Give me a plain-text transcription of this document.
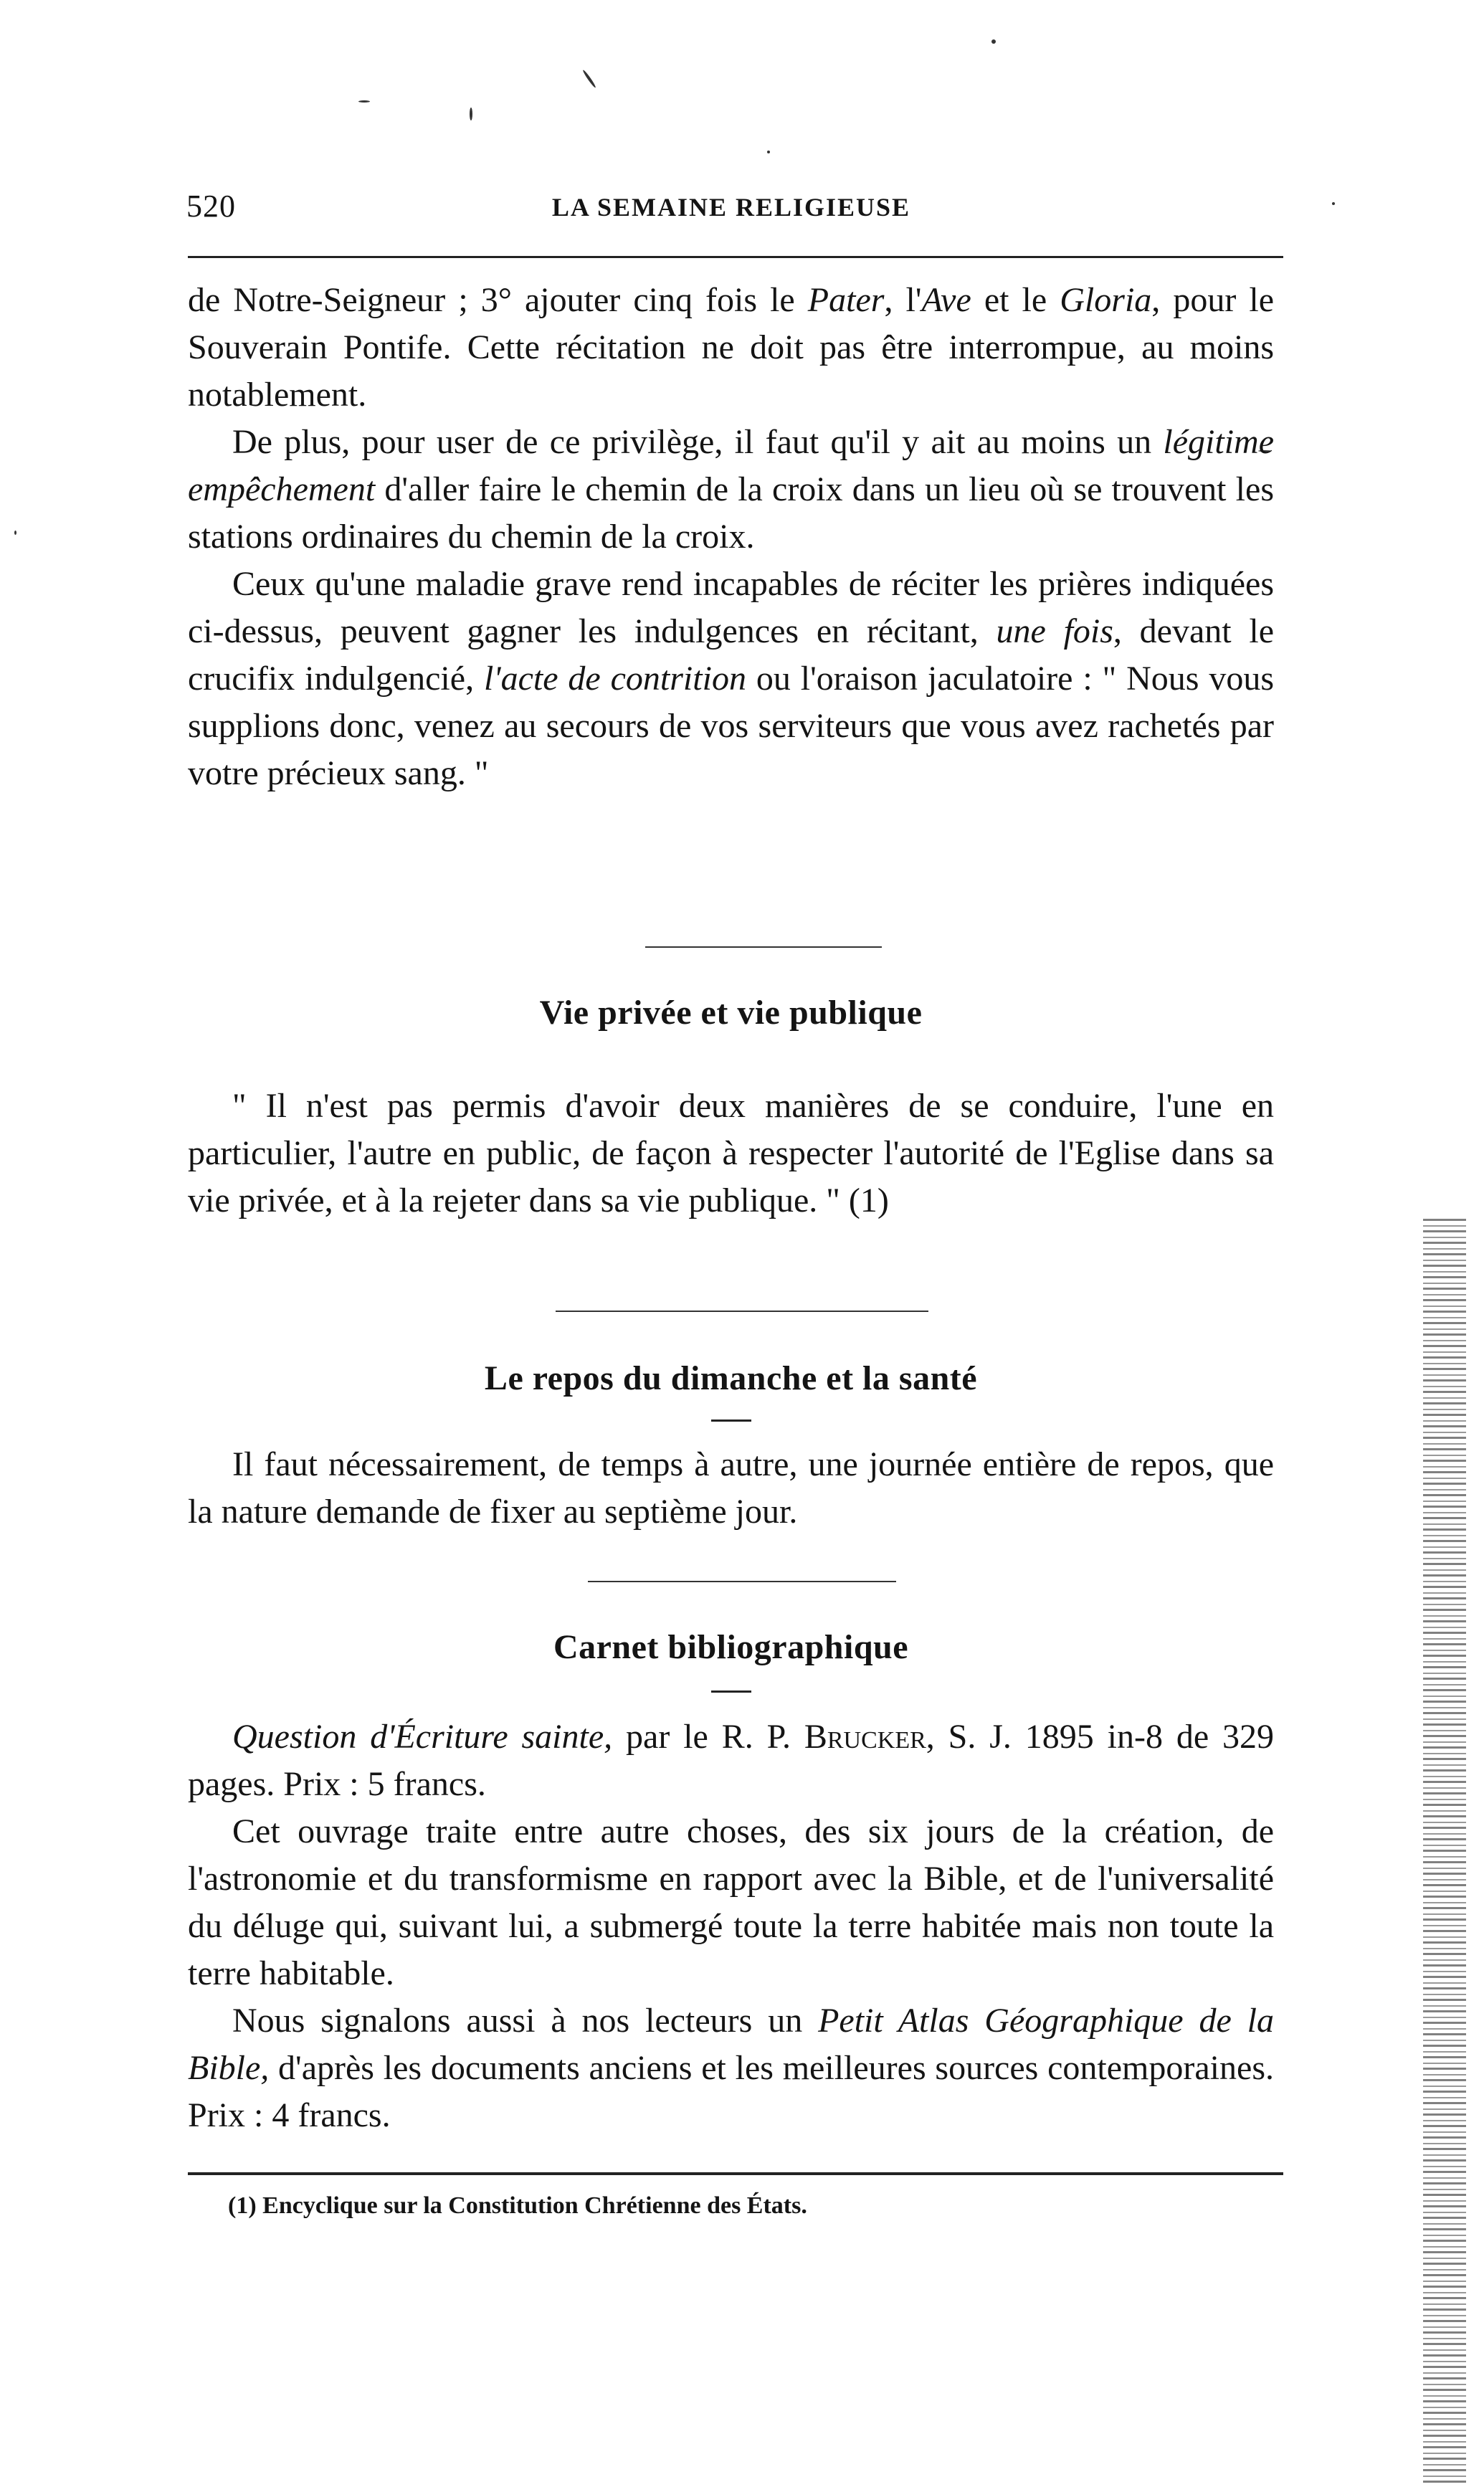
520	LA SEMAINE RELIGIEUSE

de Notre-Seigneur ; 3° ajouter cinq fois le Pater, l'Ave et le Gloria, pour le Souverain Pontife. Cette récitation ne doit pas être interrompue, au moins notablement.

De plus, pour user de ce privilège, il faut qu'il y ait au moins un légitime empêchement d'aller faire le chemin de la croix dans un lieu où se trouvent les stations ordinaires du chemin de la croix.

Ceux qu'une maladie grave rend incapables de réciter les prières indiquées ci-dessus, peuvent gagner les indulgences en récitant, une fois, devant le crucifix indulgencié, l'acte de contrition ou l'oraison jaculatoire : " Nous vous supplions donc, venez au secours de vos serviteurs que vous avez rachetés par votre précieux sang. "

Vie privée et vie publique

" Il n'est pas permis d'avoir deux manières de se conduire, l'une en particulier, l'autre en public, de façon à respecter l'autorité de l'Eglise dans sa vie privée, et à la rejeter dans sa vie publique. " (1)

Le repos du dimanche et la santé

Il faut nécessairement, de temps à autre, une journée entière de repos, que la nature demande de fixer au septième jour.

Carnet bibliographique

Question d'Écriture sainte, par le R. P. Brucker, S. J. 1895 in-8 de 329 pages. Prix : 5 francs.

Cet ouvrage traite entre autre choses, des six jours de la création, de l'astronomie et du transformisme en rapport avec la Bible, et de l'universalité du déluge qui, suivant lui, a submergé toute la terre habitée mais non toute la terre habitable.

Nous signalons aussi à nos lecteurs un Petit Atlas Géographique de la Bible, d'après les documents anciens et les meilleures sources contemporaines. Prix : 4 francs.

(1) Encyclique sur la Constitution Chrétienne des États.
